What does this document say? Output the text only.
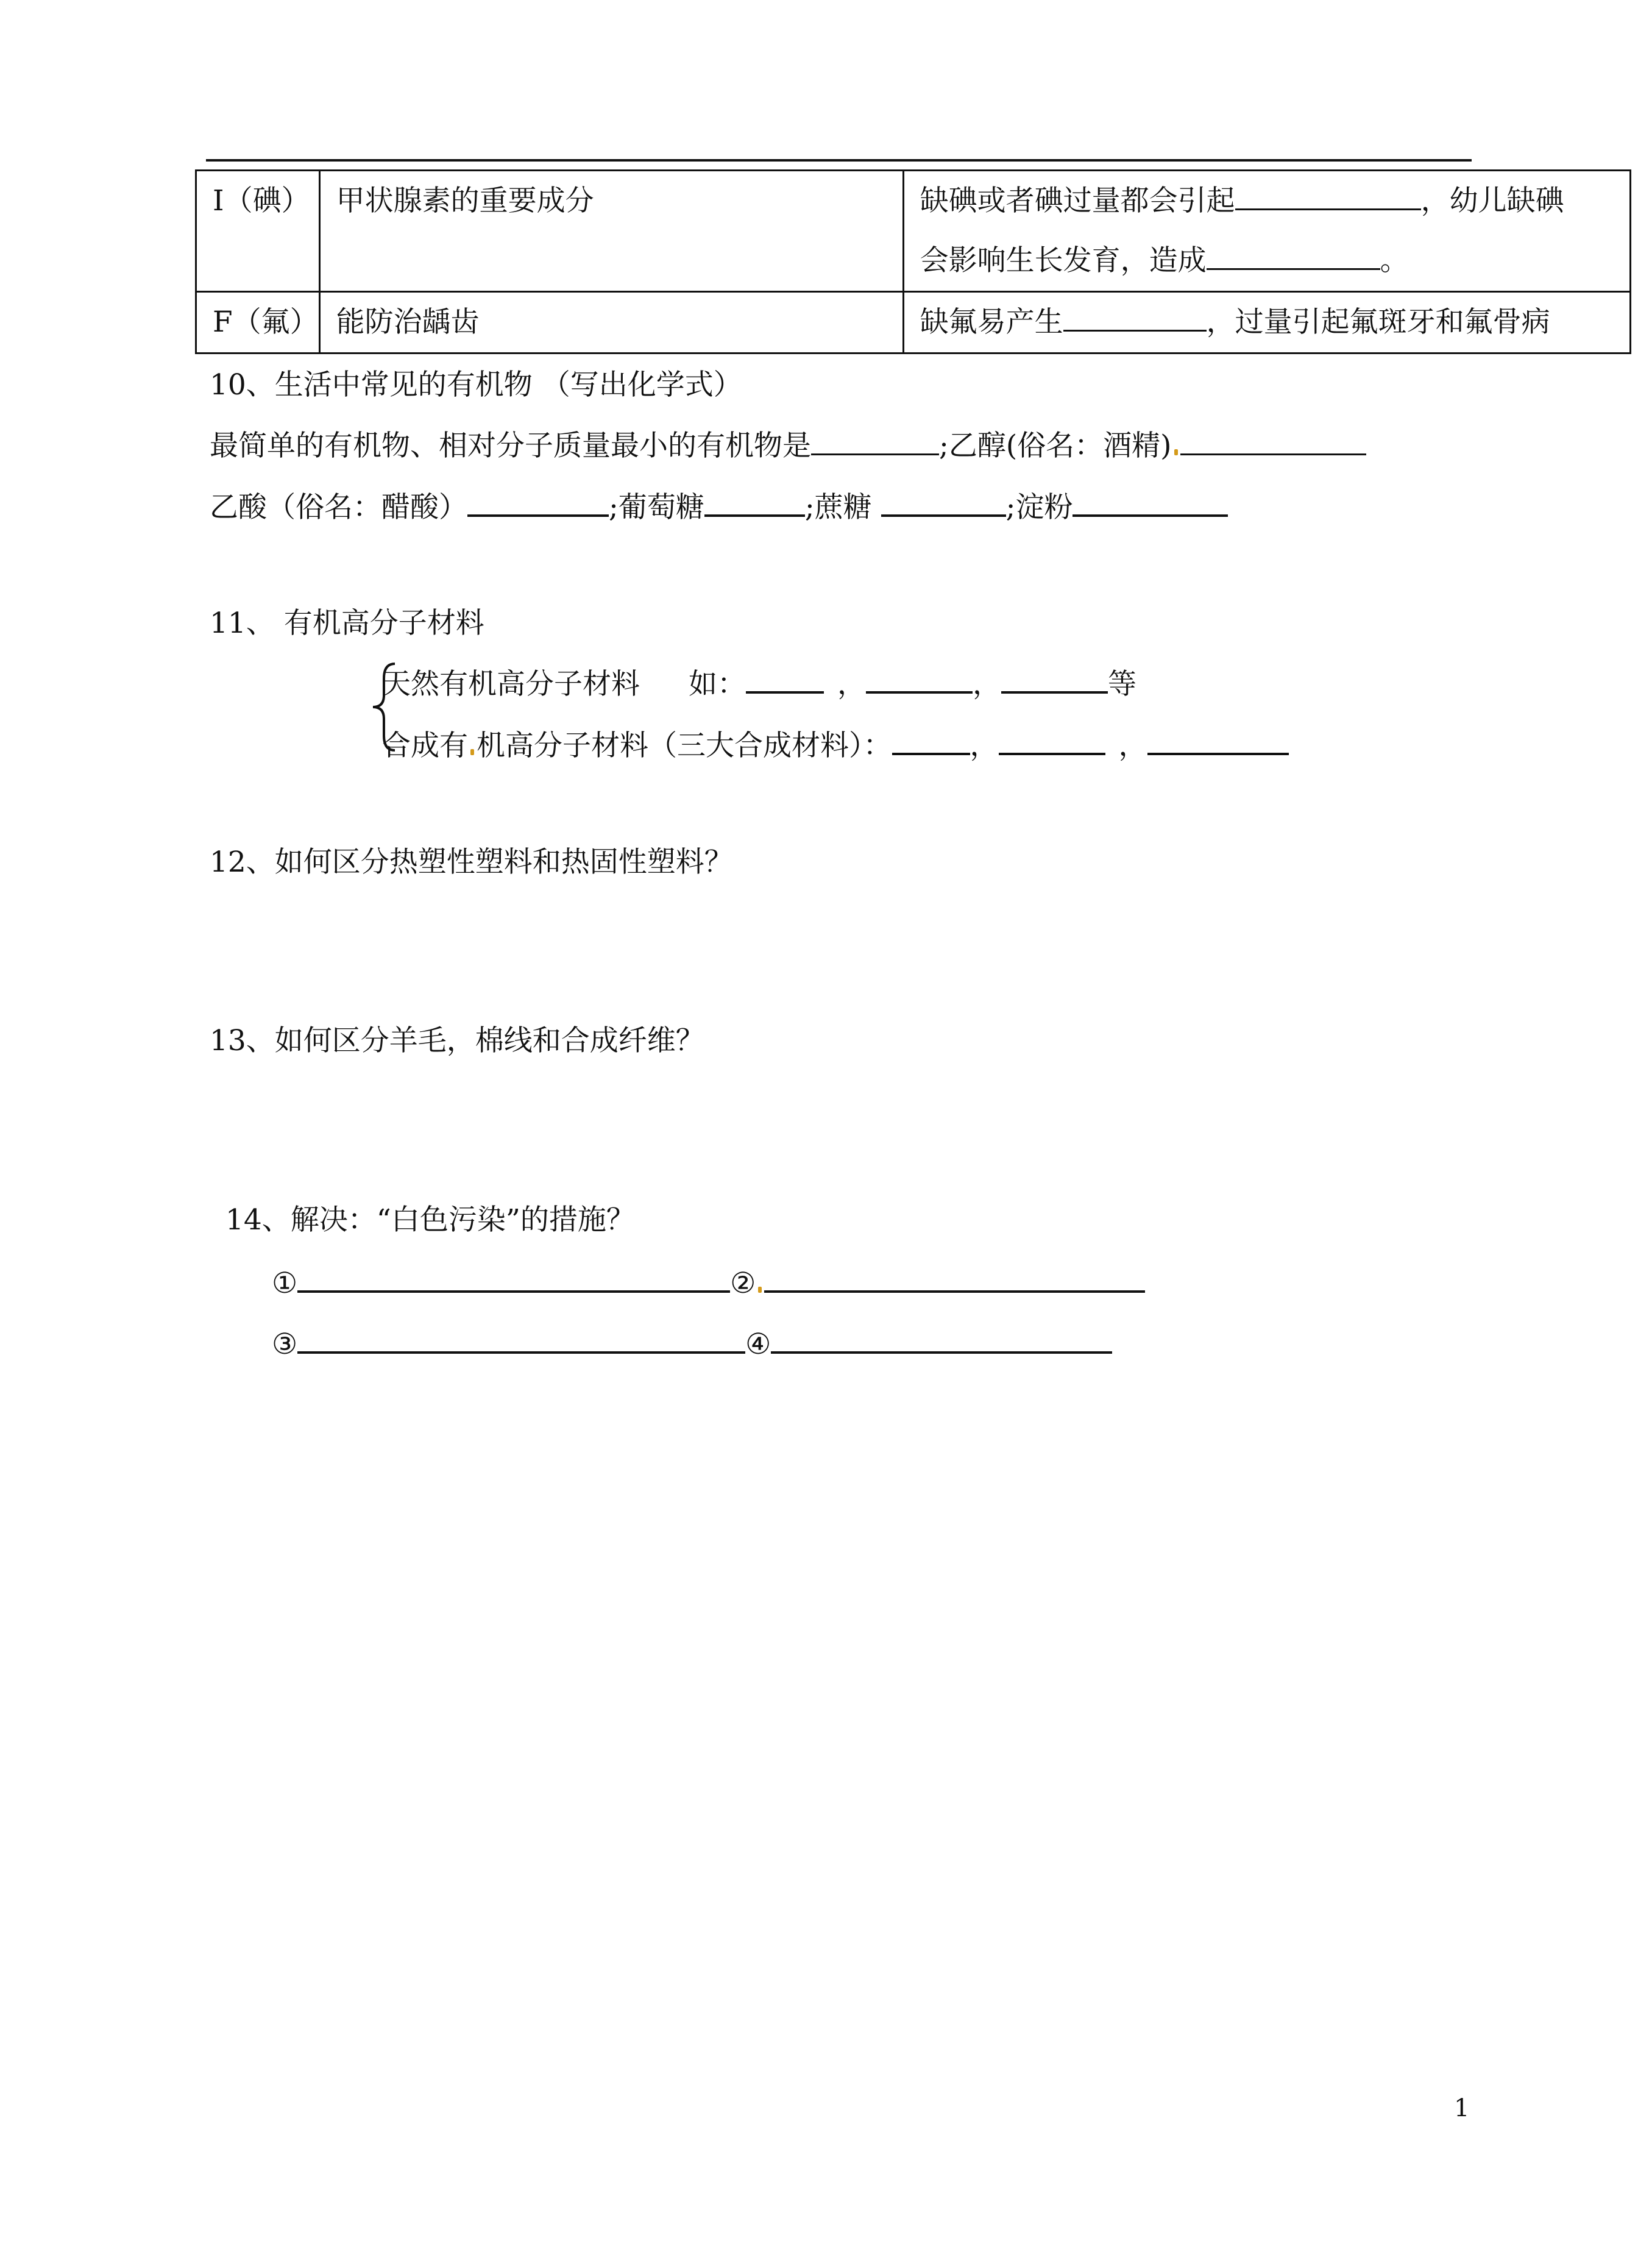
I（碘）	甲状腺素的重要成分	缺碘或者碘过量都会引起 ，幼儿缺碘
会影响生长发育，造成 。

F（氟）	能防治龋齿	缺氟易产生 ，过量引起氟斑牙和氟骨病
10、生活中常见的有机物 （写出化学式）
最简单的有机物、相对分子质量最小的有机物是	;乙醇(俗名：酒精)
乙酸（俗名：醋酸）	;葡萄糖	;蔗糖	;淀粉
11、 有机高分子材料
天然有机高分子材料 如：	，	，	等
合成有 机高分子材料（三大合成材料）：	，	，
12、如何区分热塑性塑料和热固性塑料？
13、如何区分羊毛，棉线和合成纤维？
14、解决：“白色污染”的措施？
①	②
③	④
1
